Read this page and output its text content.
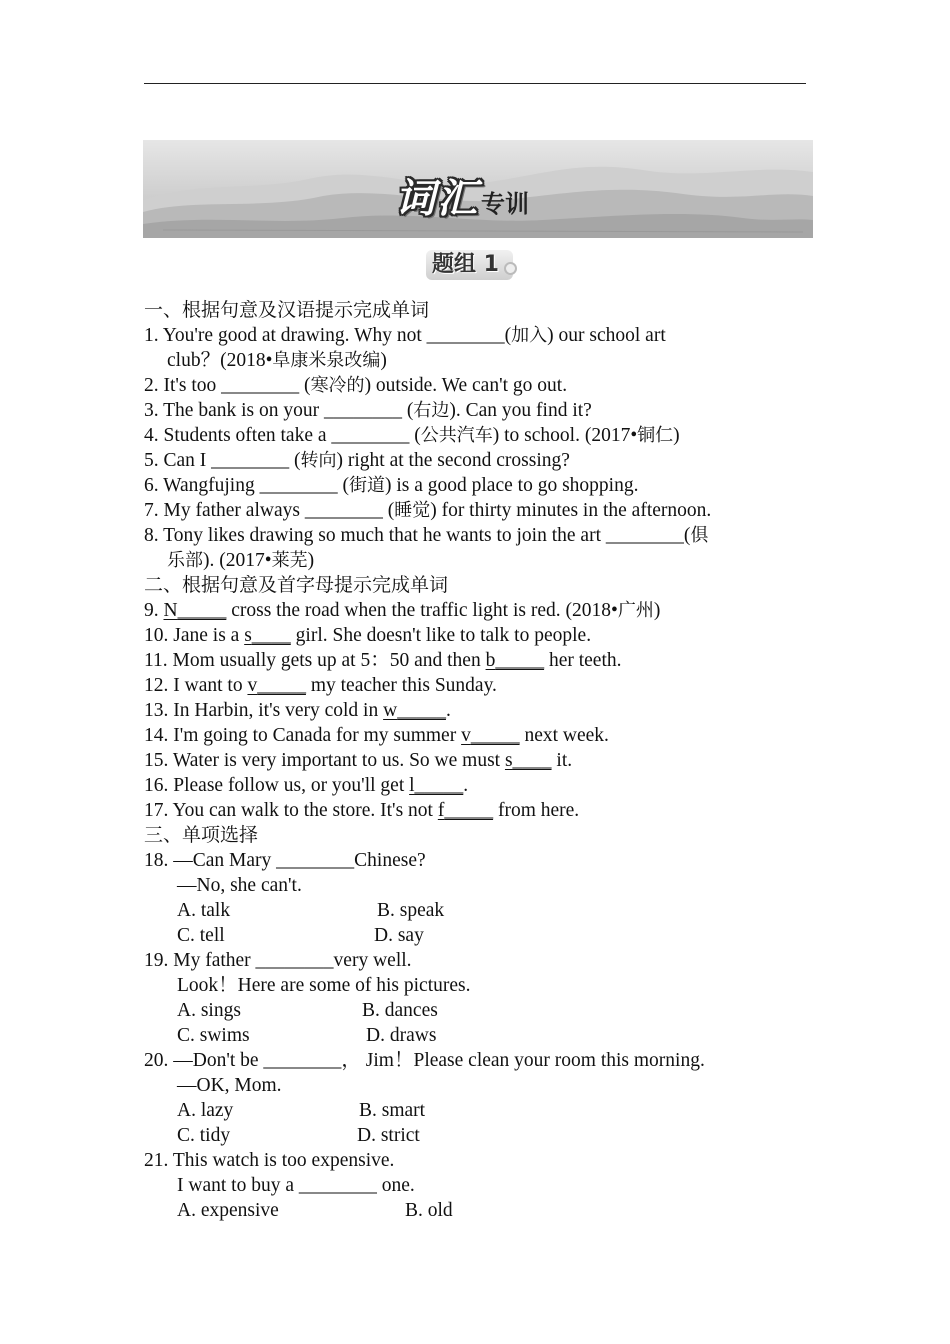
词汇专训
题组 1
一、根据句意及汉语提示完成单词
1. You're good at drawing. Why not ________(加入) our school art
club？(2018•阜康米泉改编)
2. It's too ________ (寒冷的) outside. We can't go out.
3. The bank is on your ________ (右边). Can you find it?
4. Students often take a ________ (公共汽车) to school. (2017•铜仁)
5. Can I ________ (转向) right at the second crossing?
6. Wangfujing ________ (街道) is a good place to go shopping.
7. My father always ________ (睡觉) for thirty minutes in the afternoon.
8. Tony likes drawing so much that he wants to join the art ________(俱
乐部). (2017•莱芜)
二、根据句意及首字母提示完成单词
9. N_____ cross the road when the traffic light is red. (2018•广州)
10. Jane is a s____ girl. She doesn't like to talk to people.
11. Mom usually gets up at 5：50 and then b_____ her teeth.
12. I want to v_____ my teacher this Sunday.
13. In Harbin, it's very cold in w_____.
14. I'm going to Canada for my summer v_____ next week.
15. Water is very important to us. So we must s____ it.
16. Please follow us, or you'll get l_____.
17. You can walk to the store. It's not f_____ from here.
三、单项选择
18. —Can Mary ________Chinese?
—No, she can't.
A. talk	B. speak
C. tell	D. say
19. My father ________very well.
Look！Here are some of his pictures.
A. sings	B. dances
C. swims	D. draws
20. —Don't be ________， Jim！Please clean your room this morning.
—OK, Mom.
A. lazy	B. smart
C. tidy	D. strict
21. This watch is too expensive.
I want to buy a ________ one.
A. expensive	B. old
